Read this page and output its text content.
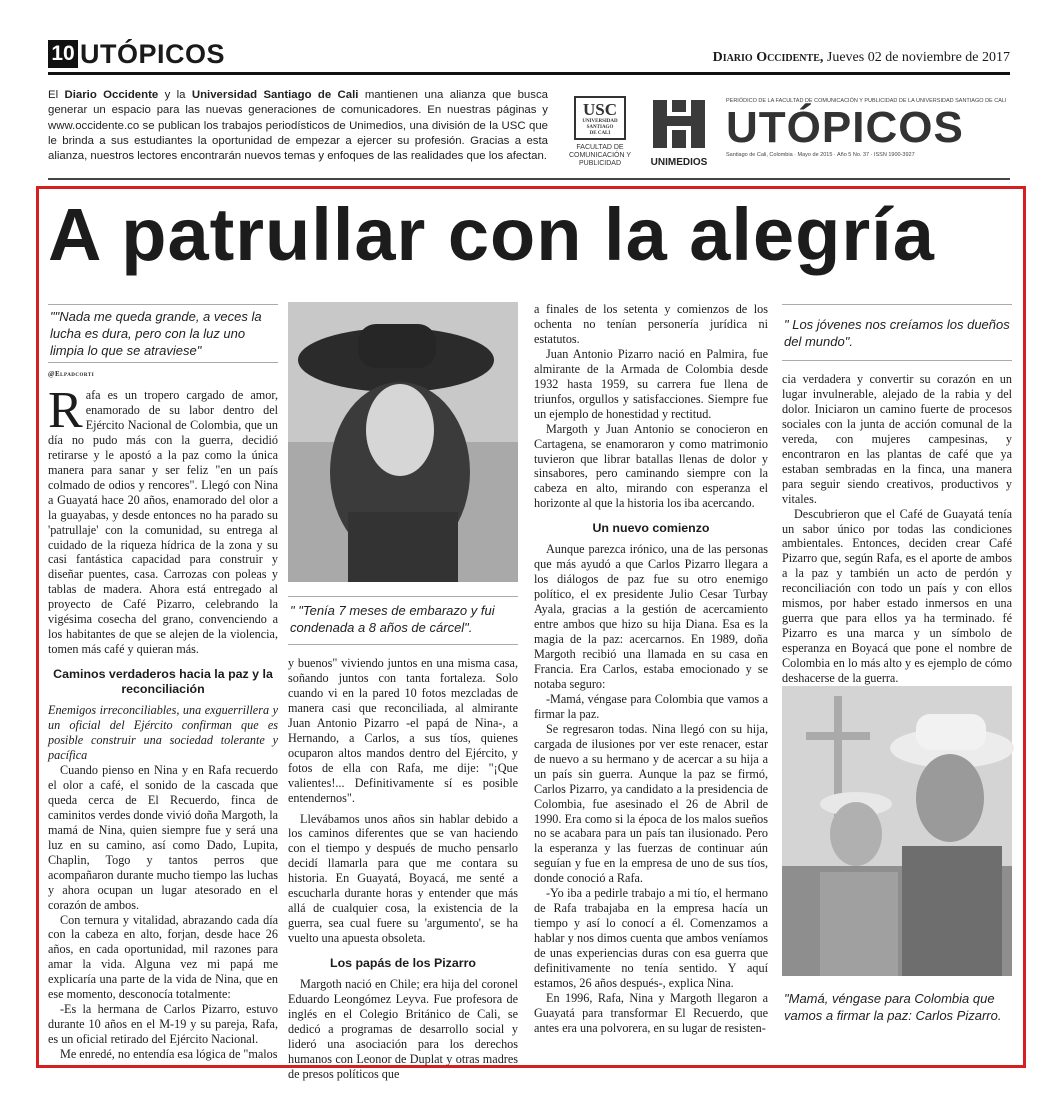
10 UTÓPICOS	Diario Occidente, Jueves 02 de noviembre de 2017

El Diario Occidente y la Universidad Santiago de Cali mantienen una alianza que busca generar un espacio para las nuevas generaciones de comunicadores. En nuestras páginas y www.occidente.co se publican los trabajos periodísticos de Unimedios, una división de la USC que le brinda a sus estudiantes la oportunidad de empezar a ejercer su profesión. Gracias a esta alianza, nuestros lectores encontrarán nuevos temas y enfoques de las realidades que los afectan.

USC
UNIVERSIDAD
SANTIAGO
DE CALI
FACULTAD DE COMUNICACIÓN Y PUBLICIDAD	UNIMEDIOS
PERIÓDICO DE LA FACULTAD DE COMUNICACIÓN Y PUBLICIDAD DE LA UNIVERSIDAD SANTIAGO DE CALI
UTÓPICOS
Santiago de Cali, Colombia · Mayo de 2015 · Año 5 No. 37 · ISSN 1900-3927
A patrullar con la alegría
""Nada me queda grande, a veces la lucha es dura, pero con la luz uno limpia lo que se atraviese"
@Elpadcorti
" "Tenía 7 meses de embarazo y fui condenada a 8 años de cárcel".
" Los jóvenes nos creíamos los dueños del mundo".

Rafa es un tropero cargado de amor, enamorado de su labor dentro del Ejército Nacional de Colombia, que un día no pudo más con la guerra, decidió retirarse y le apostó a la paz como la única manera para sanar y ser feliz "en un país colmado de odios y rencores". Llegó con Nina a Guayatá hace 20 años, enamorado del olor a la guayabas, y desde entonces no ha parado su 'patrullaje' con la comunidad, su entrega al cuidado de la riqueza hídrica de la zona y su casi fantástica capacidad para construir y diseñar puentes, casa. Carrozas con poleas y tablas de madera. Ahora está entregado al proyecto de Café Pizarro, celebrando la vigésima cosecha del grano, convenciendo a los habitantes de que se alejen de la violencia, tomen más café y quieran más.

Caminos verdaderos hacia la paz y la reconciliación

Enemigos irreconciliables, una exguerrillera y un oficial del Ejército confirman que es posible construir una sociedad tolerante y pacífica

Cuando pienso en Nina y en Rafa recuerdo el olor a café, el sonido de la cascada que queda cerca de El Recuerdo, finca de caminitos verdes donde vivió doña Margoth, la mamá de Nina, quien siempre fue y será una luz en su camino, así como Dado, Lupita, Chaplin, Togo y tantos perros que acompañaron durante mucho tiempo las luchas y ahora ocupan un lugar atesorado en el corazón de ambos.

Con ternura y vitalidad, abrazando cada día con la cabeza en alto, forjan, desde hace 26 años, en cada oportunidad, mil razones para amar la vida. Alguna vez mi papá me explicaría una parte de la vida de Nina, que en ese momento, desconocía totalmente:

-Es la hermana de Carlos Pizarro, estuvo durante 10 años en el M-19 y su pareja, Rafa, es un oficial retirado del Ejército Nacional.

Me enredé, no entendía esa lógica de "malos

y buenos" viviendo juntos en una misma casa, soñando juntos con tanta fortaleza. Solo cuando vi en la pared 10 fotos mezcladas de manera casi que reconciliada, al almirante Juan Antonio Pizarro -el papá de Nina-, a Hernando, a Carlos, a sus tíos, quienes ocuparon altos mandos dentro del Ejército, y fotos de ella con Rafa, me dije: "¡Que valientes!... Definitivamente sí es posible entendernos".

Llevábamos unos años sin hablar debido a los caminos diferentes que se van haciendo con el tiempo y después de mucho pensarlo decidí llamarla para que me contara su historia. En Guayatá, Boyacá, me senté a escucharla durante horas y entender que más allá de cualquier cosa, la existencia de la guerra, sea cual fuere su 'argumento', se ha vuelto una apuesta obsoleta.

Los papás de los Pizarro

Margoth nació en Chile; era hija del coronel Eduardo Leongómez Leyva. Fue profesora de inglés en el Colegio Británico de Cali, se dedicó a programas de desarrollo social y lideró una asociación para los derechos humanos con Leonor de Duplat y otras madres de presos políticos que

a finales de los setenta y comienzos de los ochenta no tenían personería jurídica ni estatutos.

Juan Antonio Pizarro nació en Palmira, fue almirante de la Armada de Colombia desde 1932 hasta 1959, su carrera fue llena de triunfos, orgullos y satisfacciones. Siempre fue un ejemplo de honestidad y rectitud.

Margoth y Juan Antonio se conocieron en Cartagena, se enamoraron y como matrimonio tuvieron que librar batallas llenas de dolor y sinsabores, pero caminando siempre con la cabeza en alto, mirando con esperanza el horizonte al que la historia los iba acercando.

Un nuevo comienzo

Aunque parezca irónico, una de las personas que más ayudó a que Carlos Pizarro llegara a los diálogos de paz fue su otro enemigo político, el ex presidente Julio Cesar Turbay Ayala, gracias a la gestión de acercamiento entre ambos que hizo su hija Diana. Esa es la magia de la paz: acercarnos. En 1989, doña Margoth recibió una llamada en su casa en Francia. Era Carlos, estaba emocionado y se notaba seguro:

-Mamá, véngase para Colombia que vamos a firmar la paz.

Se regresaron todas. Nina llegó con su hija, cargada de ilusiones por ver este renacer, estar de nuevo a su hermano y de acercar a su hija a un país sin guerra. Aunque la paz se firmó, Carlos Pizarro, ya candidato a la presidencia de Colombia, fue asesinado el 26 de Abril de 1990. Era como si la época de los malos sueños no se acabara para un país tan ilusionado. Pero la esperanza y las fuerzas de continuar aún seguían y fue en la empresa de uno de sus tíos, donde conoció a Rafa.

-Yo iba a pedirle trabajo a mi tío, el hermano de Rafa trabajaba en la empresa hacía un tiempo y así lo conocí a él. Comenzamos a hablar y nos dimos cuenta que ambos veníamos de unas experiencias duras con esa guerra que definitivamente no tenía sentido. Y aquí estamos, 26 años después-, explica Nina.

En 1996, Rafa, Nina y Margoth llegaron a Guayatá para transformar El Recuerdo, que antes era una polvorera, en su lugar de resisten-

cia verdadera y convertir su corazón en un lugar invulnerable, alejado de la rabia y del dolor. Iniciaron un camino fuerte de procesos sociales con la junta de acción comunal de la vereda, con mujeres campesinas, y encontraron en las plantas de café que ya estaban sembradas en la finca, una manera para seguir siendo creativos, productivos y vitales.

Descubrieron que el Café de Guayatá tenía un sabor único por todas las condiciones ambientales. Entonces, deciden crear Café Pizarro que, según Rafa, es el aporte de ambos a la paz y también un acto de perdón y reconciliación con todo un país y con ellos mismos, por haber estado inmersos en una guerra que para ellos ya ha terminado. fé Pizarro es una marca y un símbolo de esperanza en Boyacá que pone el nombre de Colombia en lo más alto y es ejemplo de cómo deshacerse de la guerra.

"Mamá, véngase para Colombia que vamos a firmar la paz: Carlos Pizarro.
